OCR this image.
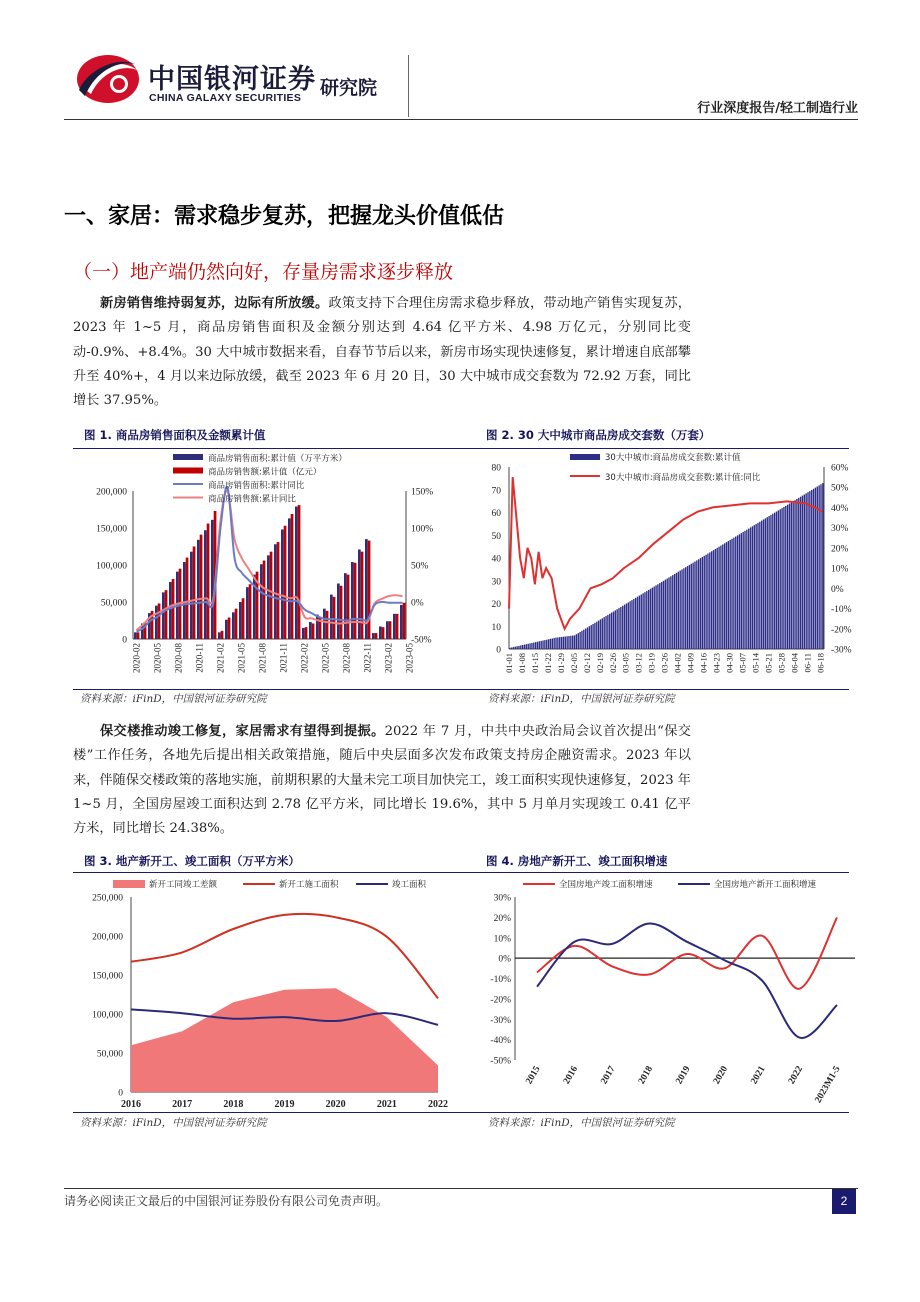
中国银河证券
CHINA GALAXY SECURITIES 研究院
行业深度报告/轻工制造行业
一、家居：需求稳步复苏，把握龙头价值低估
（一）地产端仍然向好，存量房需求逐步释放
新房销售维持弱复苏，边际有所放缓。政策支持下合理住房需求稳步释放，带动地产销售实现复苏，2023 年 1~5 月，商品房销售面积及金额分别达到 4.64 亿平方米、4.98 万亿元，分别同比变动-0.9%、+8.4%。30 大中城市数据来看，自春节节后以来，新房市场实现快速修复，累计增速自底部攀升至 40%+，4 月以来边际放缓，截至 2023 年 6 月 20 日，30 大中城市成交套数为 72.92 万套，同比增长 37.95%。
图 1. 商品房销售面积及金额累计值	图 2. 30 大中城市商品房成交套数（万套）
0
50,000
100,000
150,000
200,000
-50%
0%
50%
100%
150%
2020-02 2020-05 2020-08 2020-11 2021-02 2021-05 2021-08 2021-11 2022-02 2022-05 2022-08 2022-11 2023-02 2023-05
商品房销售面积:累计值（万平方米）
商品房销售额:累计值（亿元）
商品房销售面积:累计同比
商品房销售额:累计同比
0
10
20
30
40
50
60
70
80
-30%
-20%
-10%
0%
10%
20%
30%
40%
50%
60%
01-01 01-08 01-15 01-22 01-29 02-05 02-12 02-19 02-26 03-05 03-12 03-19 03-26 04-02 04-09 04-16 04-23 04-30 05-07 05-14 05-21 05-28 06-04 06-11 06-18
30大中城市:商品房成交套数:累计值
30大中城市:商品房成交套数:累计值:同比
资料来源：iFinD，中国银河证券研究院	资料来源：iFinD，中国银河证券研究院
保交楼推动竣工修复，家居需求有望得到提振。2022 年 7 月，中共中央政治局会议首次提出“保交楼”工作任务，各地先后提出相关政策措施，随后中央层面多次发布政策支持房企融资需求。2023 年以来，伴随保交楼政策的落地实施，前期积累的大量未完工项目加快完工，竣工面积实现快速修复，2023 年 1~5 月，全国房屋竣工面积达到 2.78 亿平方米，同比增长 19.6%，其中 5 月单月实现竣工 0.41 亿平方米，同比增长 24.38%。
图 3. 地产新开工、竣工面积（万平方米）	图 4. 房地产新开工、竣工面积增速
0
50,000
100,000
150,000
200,000
250,000
2016	2017	2018	2019	2020	2021	2022
新开工同竣工差额	新开工施工面积	竣工面积
-50%
-40%
-30%
-20%
-10%
0%
10%
20%
30%
2015 2016 2017 2018 2019 2020 2021 2022 2023M1-5
全国房地产竣工面积增速	全国房地产新开工面积增速
资料来源：iFinD，中国银河证券研究院	资料来源：iFinD，中国银河证券研究院
请务必阅读正文最后的中国银河证券股份有限公司免责声明。	2
